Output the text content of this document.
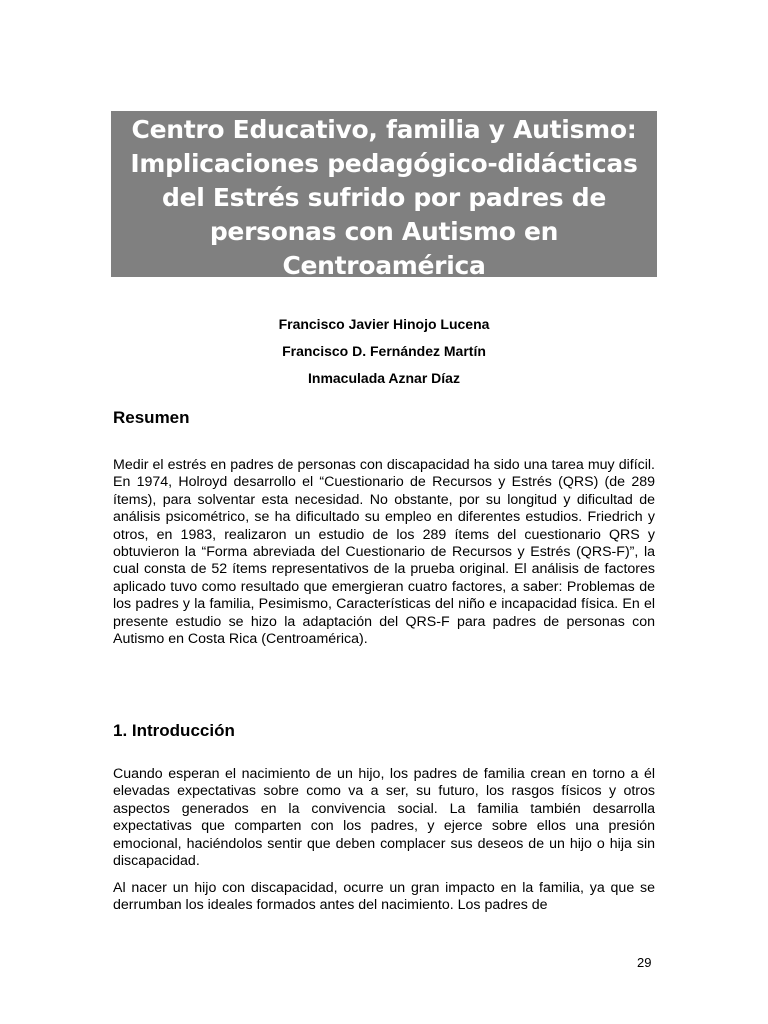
Centro Educativo, familia y Autismo:
Implicaciones pedagógico-didácticas
del Estrés sufrido por padres de
personas con Autismo en
Centroamérica
Francisco Javier Hinojo Lucena
Francisco D. Fernández Martín
Inmaculada Aznar Díaz
Resumen

Medir el estrés en padres de personas con discapacidad ha sido una tarea muy difícil. En 1974, Holroyd desarrollo el “Cuestionario de Recursos y Estrés (QRS) (de 289 ítems), para solventar esta necesidad. No obstante, por su longitud y dificultad de análisis psicométrico, se ha dificultado su empleo en diferentes estudios. Friedrich y otros, en 1983, realizaron un estudio de los 289 ítems del cuestionario QRS y obtuvieron la “Forma abreviada del Cuestionario de Recursos y Estrés (QRS-F)”, la cual consta de 52 ítems representativos de la prueba original. El análisis de factores aplicado tuvo como resultado que emergieran cuatro factores, a saber: Problemas de los padres y la familia, Pesimismo, Características del niño e incapacidad física. En el presente estudio se hizo la adaptación del QRS-F para padres de personas con Autismo en Costa Rica (Centroamérica).

1. Introducción

Cuando esperan el nacimiento de un hijo, los padres de familia crean en torno a él elevadas expectativas sobre como va a ser, su futuro, los rasgos físicos y otros aspectos generados en la convivencia social. La familia también desarrolla expectativas que comparten con los padres, y ejerce sobre ellos una presión emocional, haciéndolos sentir que deben complacer sus deseos de un hijo o hija sin discapacidad.

Al nacer un hijo con discapacidad, ocurre un gran impacto en la familia, ya que se derrumban los ideales formados antes del nacimiento. Los padres de

29
